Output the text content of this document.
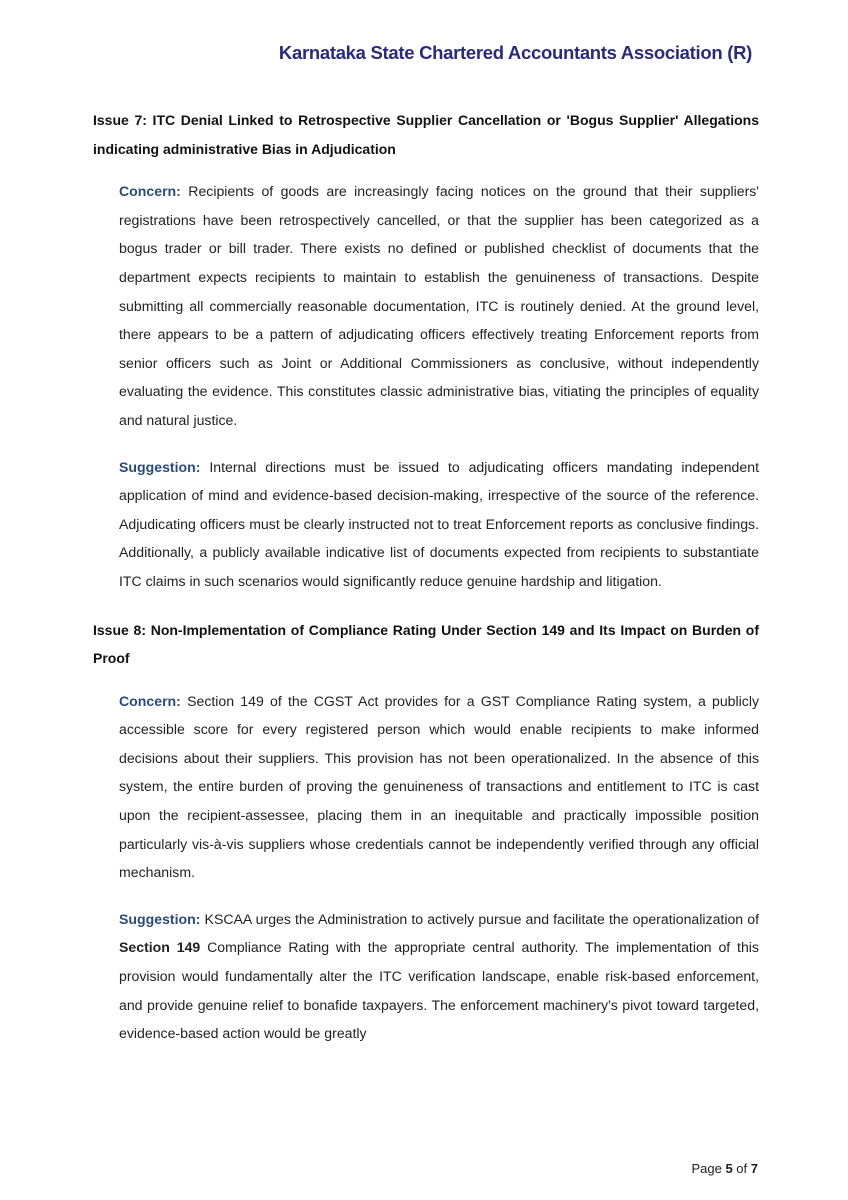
Karnataka State Chartered Accountants Association (R)

Issue 7: ITC Denial Linked to Retrospective Supplier Cancellation or 'Bogus Supplier' Allegations indicating administrative Bias in Adjudication

Concern: Recipients of goods are increasingly facing notices on the ground that their suppliers' registrations have been retrospectively cancelled, or that the supplier has been categorized as a bogus trader or bill trader. There exists no defined or published checklist of documents that the department expects recipients to maintain to establish the genuineness of transactions. Despite submitting all commercially reasonable documentation, ITC is routinely denied. At the ground level, there appears to be a pattern of adjudicating officers effectively treating Enforcement reports from senior officers such as Joint or Additional Commissioners as conclusive, without independently evaluating the evidence. This constitutes classic administrative bias, vitiating the principles of equality and natural justice.

Suggestion: Internal directions must be issued to adjudicating officers mandating independent application of mind and evidence-based decision-making, irrespective of the source of the reference. Adjudicating officers must be clearly instructed not to treat Enforcement reports as conclusive findings. Additionally, a publicly available indicative list of documents expected from recipients to substantiate ITC claims in such scenarios would significantly reduce genuine hardship and litigation.

Issue 8: Non-Implementation of Compliance Rating Under Section 149 and Its Impact on Burden of Proof

Concern: Section 149 of the CGST Act provides for a GST Compliance Rating system, a publicly accessible score for every registered person which would enable recipients to make informed decisions about their suppliers. This provision has not been operationalized. In the absence of this system, the entire burden of proving the genuineness of transactions and entitlement to ITC is cast upon the recipient-assessee, placing them in an inequitable and practically impossible position particularly vis-à-vis suppliers whose credentials cannot be independently verified through any official mechanism.

Suggestion: KSCAA urges the Administration to actively pursue and facilitate the operationalization of Section 149 Compliance Rating with the appropriate central authority. The implementation of this provision would fundamentally alter the ITC verification landscape, enable risk-based enforcement, and provide genuine relief to bonafide taxpayers. The enforcement machinery's pivot toward targeted, evidence-based action would be greatly

Page 5 of 7
